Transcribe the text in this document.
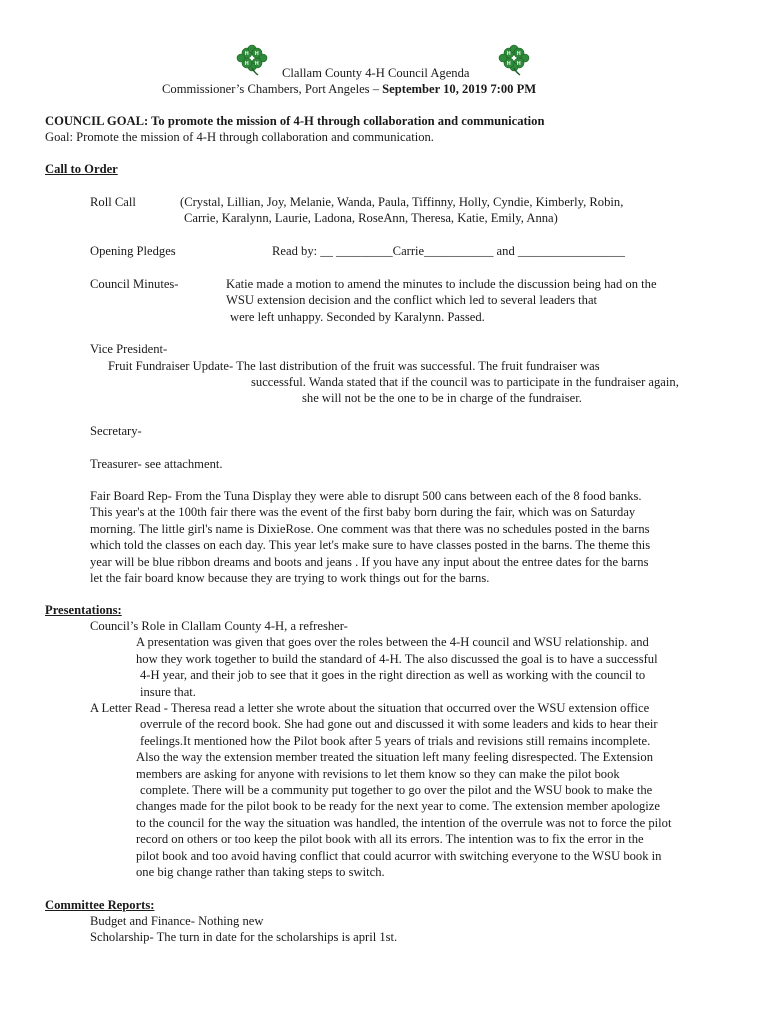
H H
H H
H H
H H
Clallam County 4-H Council Agenda
Commissioner’s Chambers, Port Angeles – September 10, 2019 7:00 PM
COUNCIL GOAL: To promote the mission of 4-H through collaboration and communication
Goal: Promote the mission of 4-H through collaboration and communication.
Call to Order
Roll Call	(Crystal, Lillian, Joy, Melanie, Wanda, Paula, Tiffinny, Holly, Cyndie, Kimberly, Robin,
Carrie, Karalynn, Laurie, Ladona, RoseAnn, Theresa, Katie, Emily, Anna)
Opening Pledges	Read by: __ _________Carrie___________ and _________________
Council Minutes-	Katie made a motion to amend the minutes to include the discussion being had on the
WSU extension decision and the conflict which led to several leaders that
were left unhappy. Seconded by Karalynn. Passed.
Vice President-
Fruit Fundraiser Update- The last distribution of the fruit was successful. The fruit fundraiser was
successful. Wanda stated that if the council was to participate in the fundraiser again,
she will not be the one to be in charge of the fundraiser.
Secretary-
Treasurer- see attachment.
Fair Board Rep- From the Tuna Display they were able to disrupt 500 cans between each of the 8 food banks.
This year's at the 100th fair there was the event of the first baby born during the fair, which was on Saturday
morning. The little girl's name is DixieRose. One comment was that there was no schedules posted in the barns
which told the classes on each day. This year let's make sure to have classes posted in the barns. The theme this
year will be blue ribbon dreams and boots and jeans . If you have any input about the entree dates for the barns
let the fair board know because they are trying to work things out for the barns.
Presentations:
Council’s Role in Clallam County 4-H, a refresher-
A presentation was given that goes over the roles between the 4-H council and WSU relationship. and
how they work together to build the standard of 4-H. The also discussed the goal is to have a successful
4-H year, and their job to see that it goes in the right direction as well as working with the council to
insure that.
A Letter Read - Theresa read a letter she wrote about the situation that occurred over the WSU extension office
overrule of the record book. She had gone out and discussed it with some leaders and kids to hear their
feelings.It mentioned how the Pilot book after 5 years of trials and revisions still remains incomplete.
Also the way the extension member treated the situation left many feeling disrespected. The Extension
members are asking for anyone with revisions to let them know so they can make the pilot book
complete. There will be a community put together to go over the pilot and the WSU book to make the
changes made for the pilot book to be ready for the next year to come. The extension member apologize
to the council for the way the situation was handled, the intention of the overrule was not to force the pilot
record on others or too keep the pilot book with all its errors. The intention was to fix the error in the
pilot book and too avoid having conflict that could acurror with switching everyone to the WSU book in
one big change rather than taking steps to switch.
Committee Reports:
Budget and Finance- Nothing new
Scholarship- The turn in date for the scholarships is april 1st.
